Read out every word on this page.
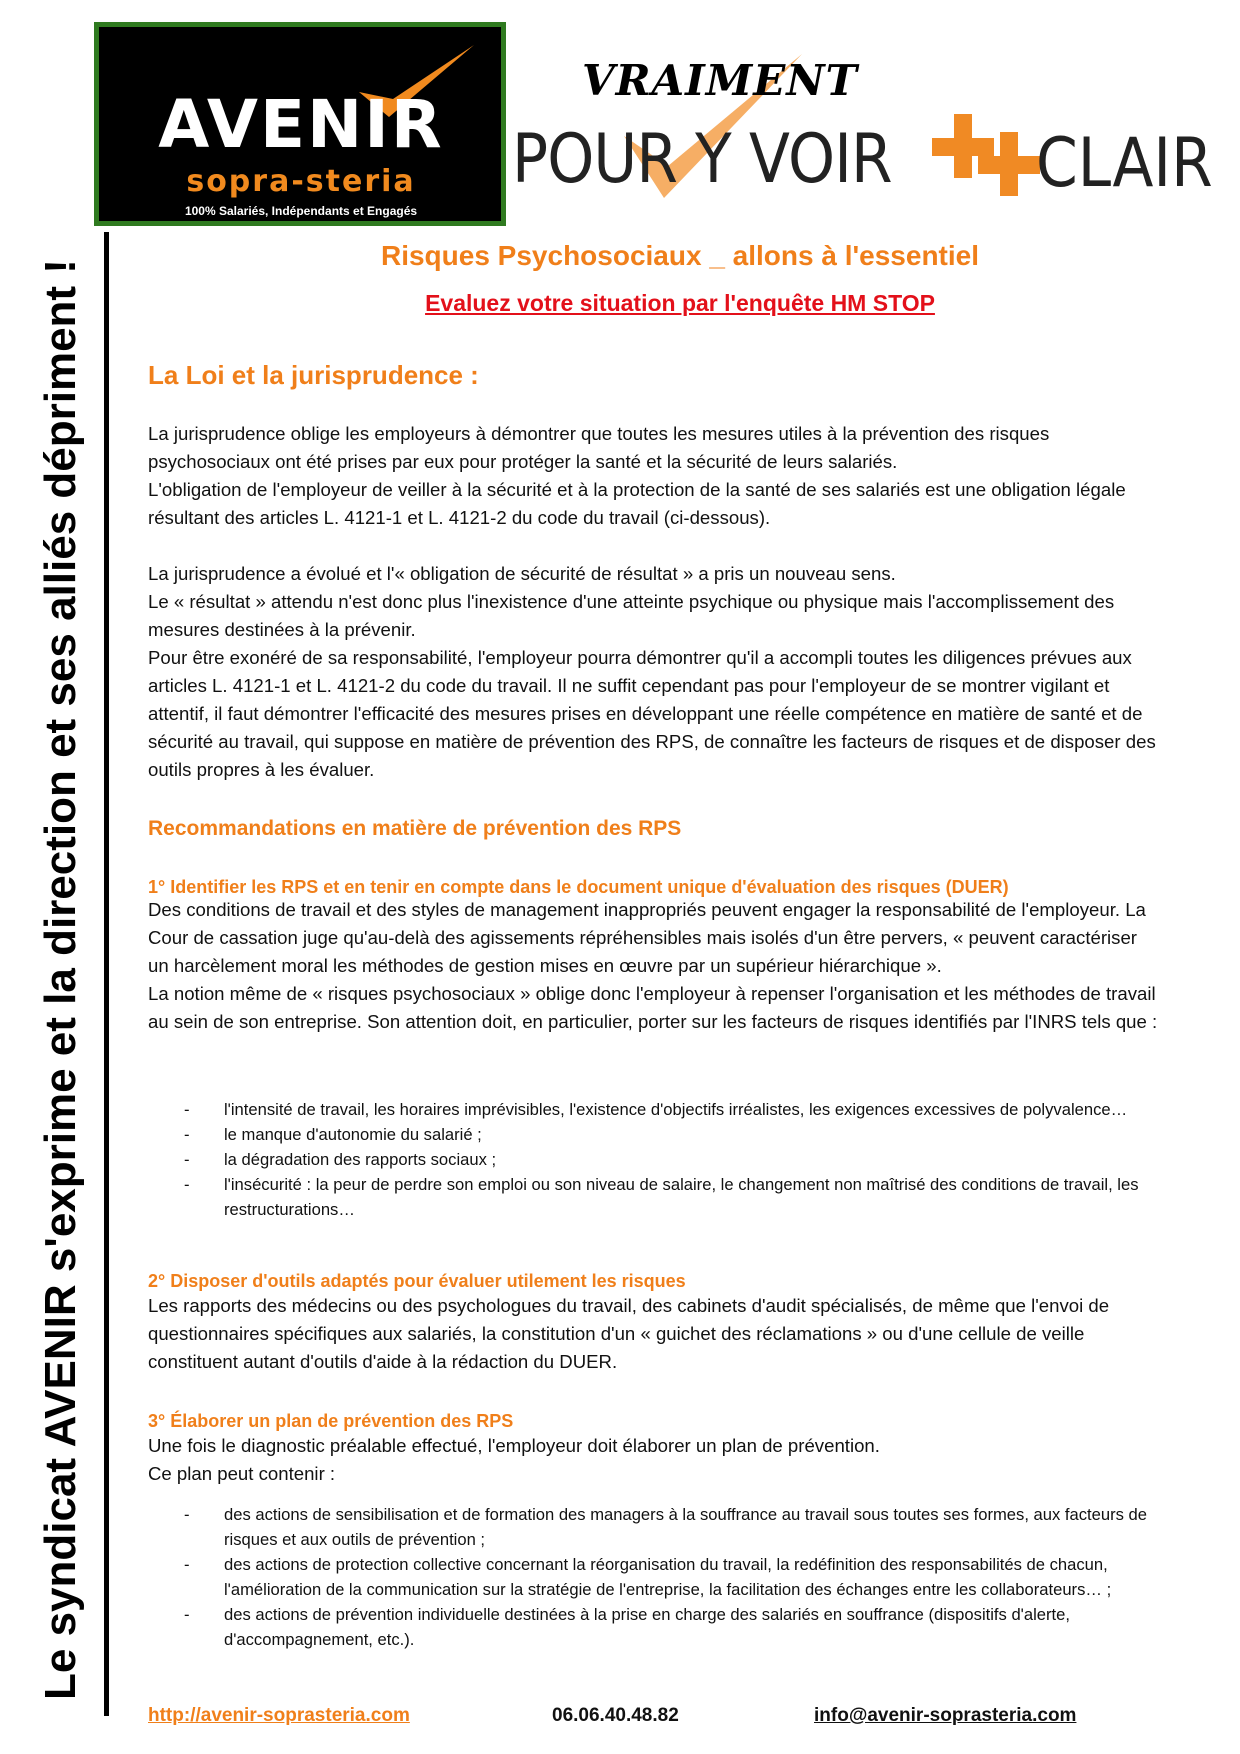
AVENIR
sopra-steria
100% Salariés, Indépendants et Engagés
VRAIMENT
POUR Y VOIR CLAIR
Le syndicat AVENIR s'exprime et la direction et ses alliés dépriment !
Risques Psychosociaux _ allons à l'essentiel
Evaluez votre situation par l'enquête HM STOP
La Loi et la jurisprudence :

La jurisprudence oblige les employeurs à démontrer que toutes les mesures utiles à la prévention des risques psychosociaux ont été prises par eux pour protéger la santé et la sécurité de leurs salariés.

L'obligation de l'employeur de veiller à la sécurité et à la protection de la santé de ses salariés est une obligation légale résultant des articles L. 4121-1 et L. 4121-2 du code du travail (ci-dessous).

La jurisprudence a évolué et l'« obligation de sécurité de résultat » a pris un nouveau sens.

Le « résultat » attendu n'est donc plus l'inexistence d'une atteinte psychique ou physique mais l'accomplissement des mesures destinées à la prévenir.

Pour être exonéré de sa responsabilité, l'employeur pourra démontrer qu'il a accompli toutes les diligences prévues aux articles L. 4121-1 et L. 4121-2 du code du travail. Il ne suffit cependant pas pour l'employeur de se montrer vigilant et attentif, il faut démontrer l'efficacité des mesures prises en développant une réelle compétence en matière de santé et de sécurité au travail, qui suppose en matière de prévention des RPS, de connaître les facteurs de risques et de disposer des outils propres à les évaluer.

Recommandations en matière de prévention des RPS
1° Identifier les RPS et en tenir en compte dans le document unique d'évaluation des risques (DUER)

Des conditions de travail et des styles de management inappropriés peuvent engager la responsabilité de l'employeur. La Cour de cassation juge qu'au-delà des agissements répréhensibles mais isolés d'un être pervers, « peuvent caractériser un harcèlement moral les méthodes de gestion mises en œuvre par un supérieur hiérarchique ».

La notion même de « risques psychosociaux » oblige donc l'employeur à repenser l'organisation et les méthodes de travail au sein de son entreprise. Son attention doit, en particulier, porter sur les facteurs de risques identifiés par l'INRS tels que :

- l'intensité de travail, les horaires imprévisibles, l'existence d'objectifs irréalistes, les exigences excessives de polyvalence…
- le manque d'autonomie du salarié ;
- la dégradation des rapports sociaux ;
- l'insécurité : la peur de perdre son emploi ou son niveau de salaire, le changement non maîtrisé des conditions de travail, les restructurations…
2° Disposer d'outils adaptés pour évaluer utilement les risques

Les rapports des médecins ou des psychologues du travail, des cabinets d'audit spécialisés, de même que l'envoi de questionnaires spécifiques aux salariés, la constitution d'un « guichet des réclamations » ou d'une cellule de veille constituent autant d'outils d'aide à la rédaction du DUER.

3° Élaborer un plan de prévention des RPS

Une fois le diagnostic préalable effectué, l'employeur doit élaborer un plan de prévention.

Ce plan peut contenir :

- des actions de sensibilisation et de formation des managers à la souffrance au travail sous toutes ses formes, aux facteurs de risques et aux outils de prévention ;
- des actions de protection collective concernant la réorganisation du travail, la redéfinition des responsabilités de chacun, l'amélioration de la communication sur la stratégie de l'entreprise, la facilitation des échanges entre les collaborateurs… ;
- des actions de prévention individuelle destinées à la prise en charge des salariés en souffrance (dispositifs d'alerte, d'accompagnement, etc.).
http://avenir-soprasteria.com	06.06.40.48.82	info@avenir-soprasteria.com
